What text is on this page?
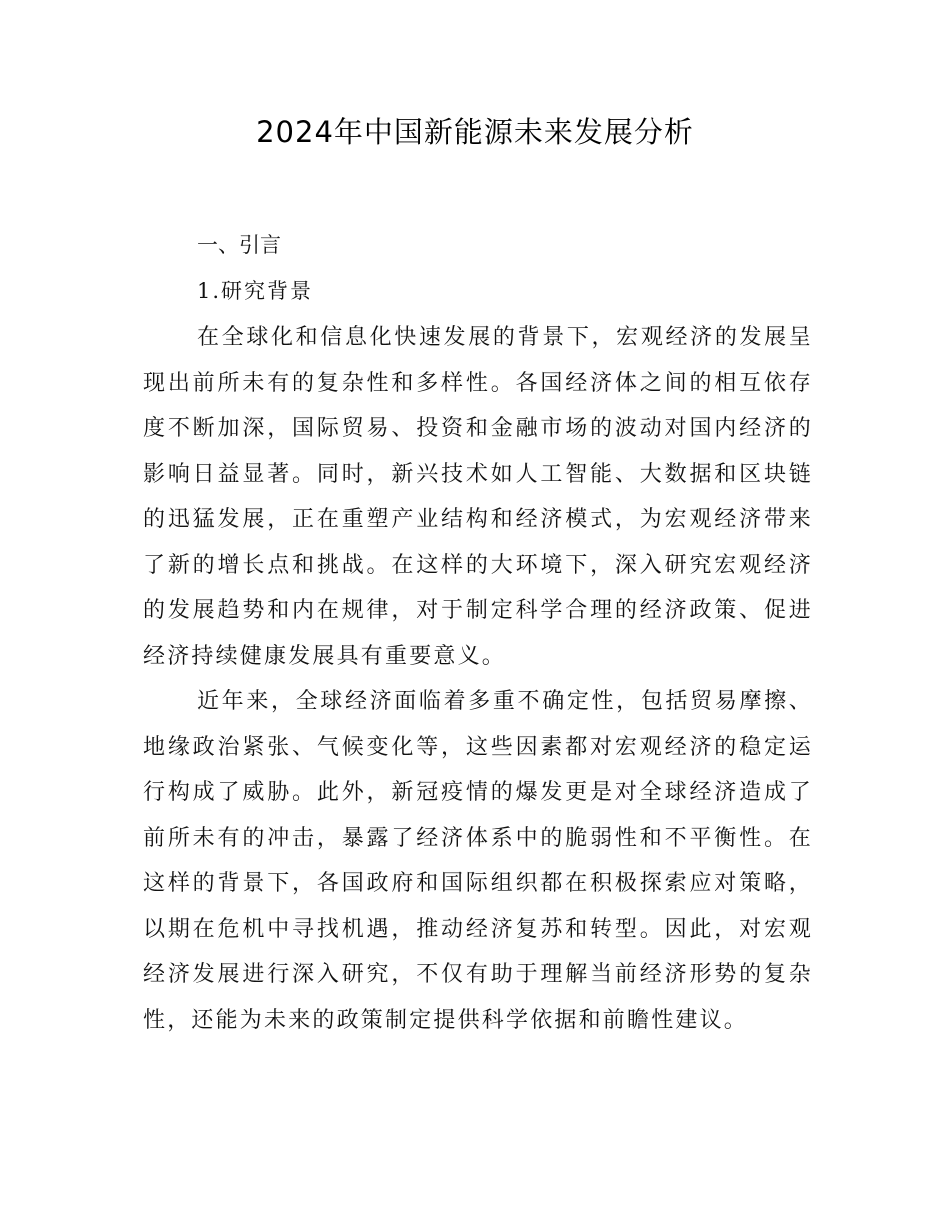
2024年中国新能源未来发展分析
一、引言
1.研究背景

在全球化和信息化快速发展的背景下，宏观经济的发展呈现出前所未有的复杂性和多样性。各国经济体之间的相互依存度不断加深，国际贸易、投资和金融市场的波动对国内经济的影响日益显著。同时，新兴技术如人工智能、大数据和区块链的迅猛发展，正在重塑产业结构和经济模式，为宏观经济带来了新的增长点和挑战。在这样的大环境下，深入研究宏观经济的发展趋势和内在规律，对于制定科学合理的经济政策、促进经济持续健康发展具有重要意义。

近年来，全球经济面临着多重不确定性，包括贸易摩擦、地缘政治紧张、气候变化等，这些因素都对宏观经济的稳定运行构成了威胁。此外，新冠疫情的爆发更是对全球经济造成了前所未有的冲击，暴露了经济体系中的脆弱性和不平衡性。在这样的背景下，各国政府和国际组织都在积极探索应对策略，以期在危机中寻找机遇，推动经济复苏和转型。因此，对宏观经济发展进行深入研究，不仅有助于理解当前经济形势的复杂性，还能为未来的政策制定提供科学依据和前瞻性建议。
